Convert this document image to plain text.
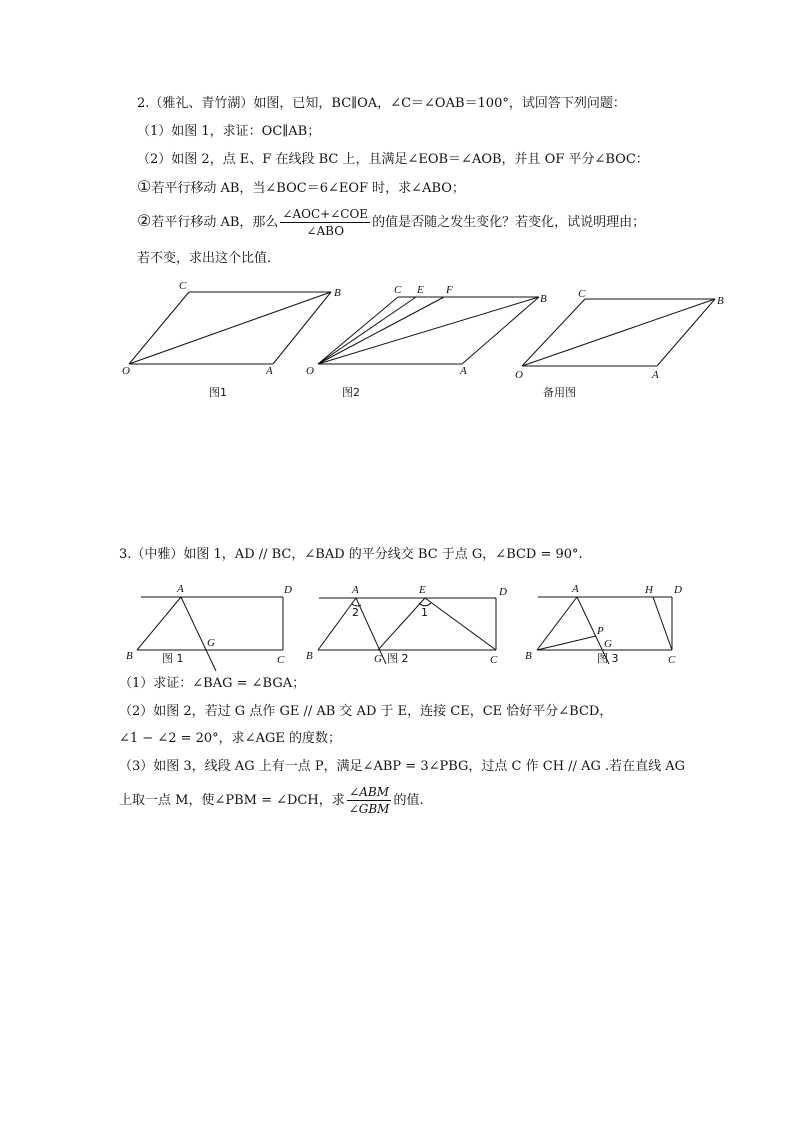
2.（雅礼、青竹湖）如图，已知，BC∥OA，∠C＝∠OAB＝100°，试回答下列问题：
（1）如图 1，求证：OC∥AB；
（2）如图 2，点 E、F 在线段 BC 上，且满足∠EOB＝∠AOB，并且 OF 平分∠BOC：
①若平行移动 AB，当∠BOC＝6∠EOF 时，求∠ABO；
②若平行移动 AB，那么 $\frac{\text{∠AOC+∠COE}}{\text{∠ABO}}$ 的值是否随之发生变化？若变化，试说明理由；
若不变，求出这个比值．
C
B
O	A
图1
C E F
B
O	A
图2
C
B
O	A
备用图
3.（中雅）如图 1，AD // BC，∠BAD 的平分线交 BC 于点 G，∠BCD = 90°.
A	D
B
G
C
图 1
A	E	D
2	1
B	G	C
图 2
A	H D
P
G
B	C
图 3
（1）求证：∠BAG = ∠BGA；
（2）如图 2，若过 G 点作 GE // AB 交 AD 于 E，连接 CE，CE 恰好平分∠BCD，
∠1 − ∠2 = 20°，求∠AGE 的度数；
（3）如图 3，线段 AG 上有一点 P，满足∠ABP = 3∠PBG，过点 C 作 CH // AG .若在直线 AG
上取一点 M，使∠PBM = ∠DCH，求 $\frac{\text{∠ABM}}{\text{∠GBM}}$ 的值.
